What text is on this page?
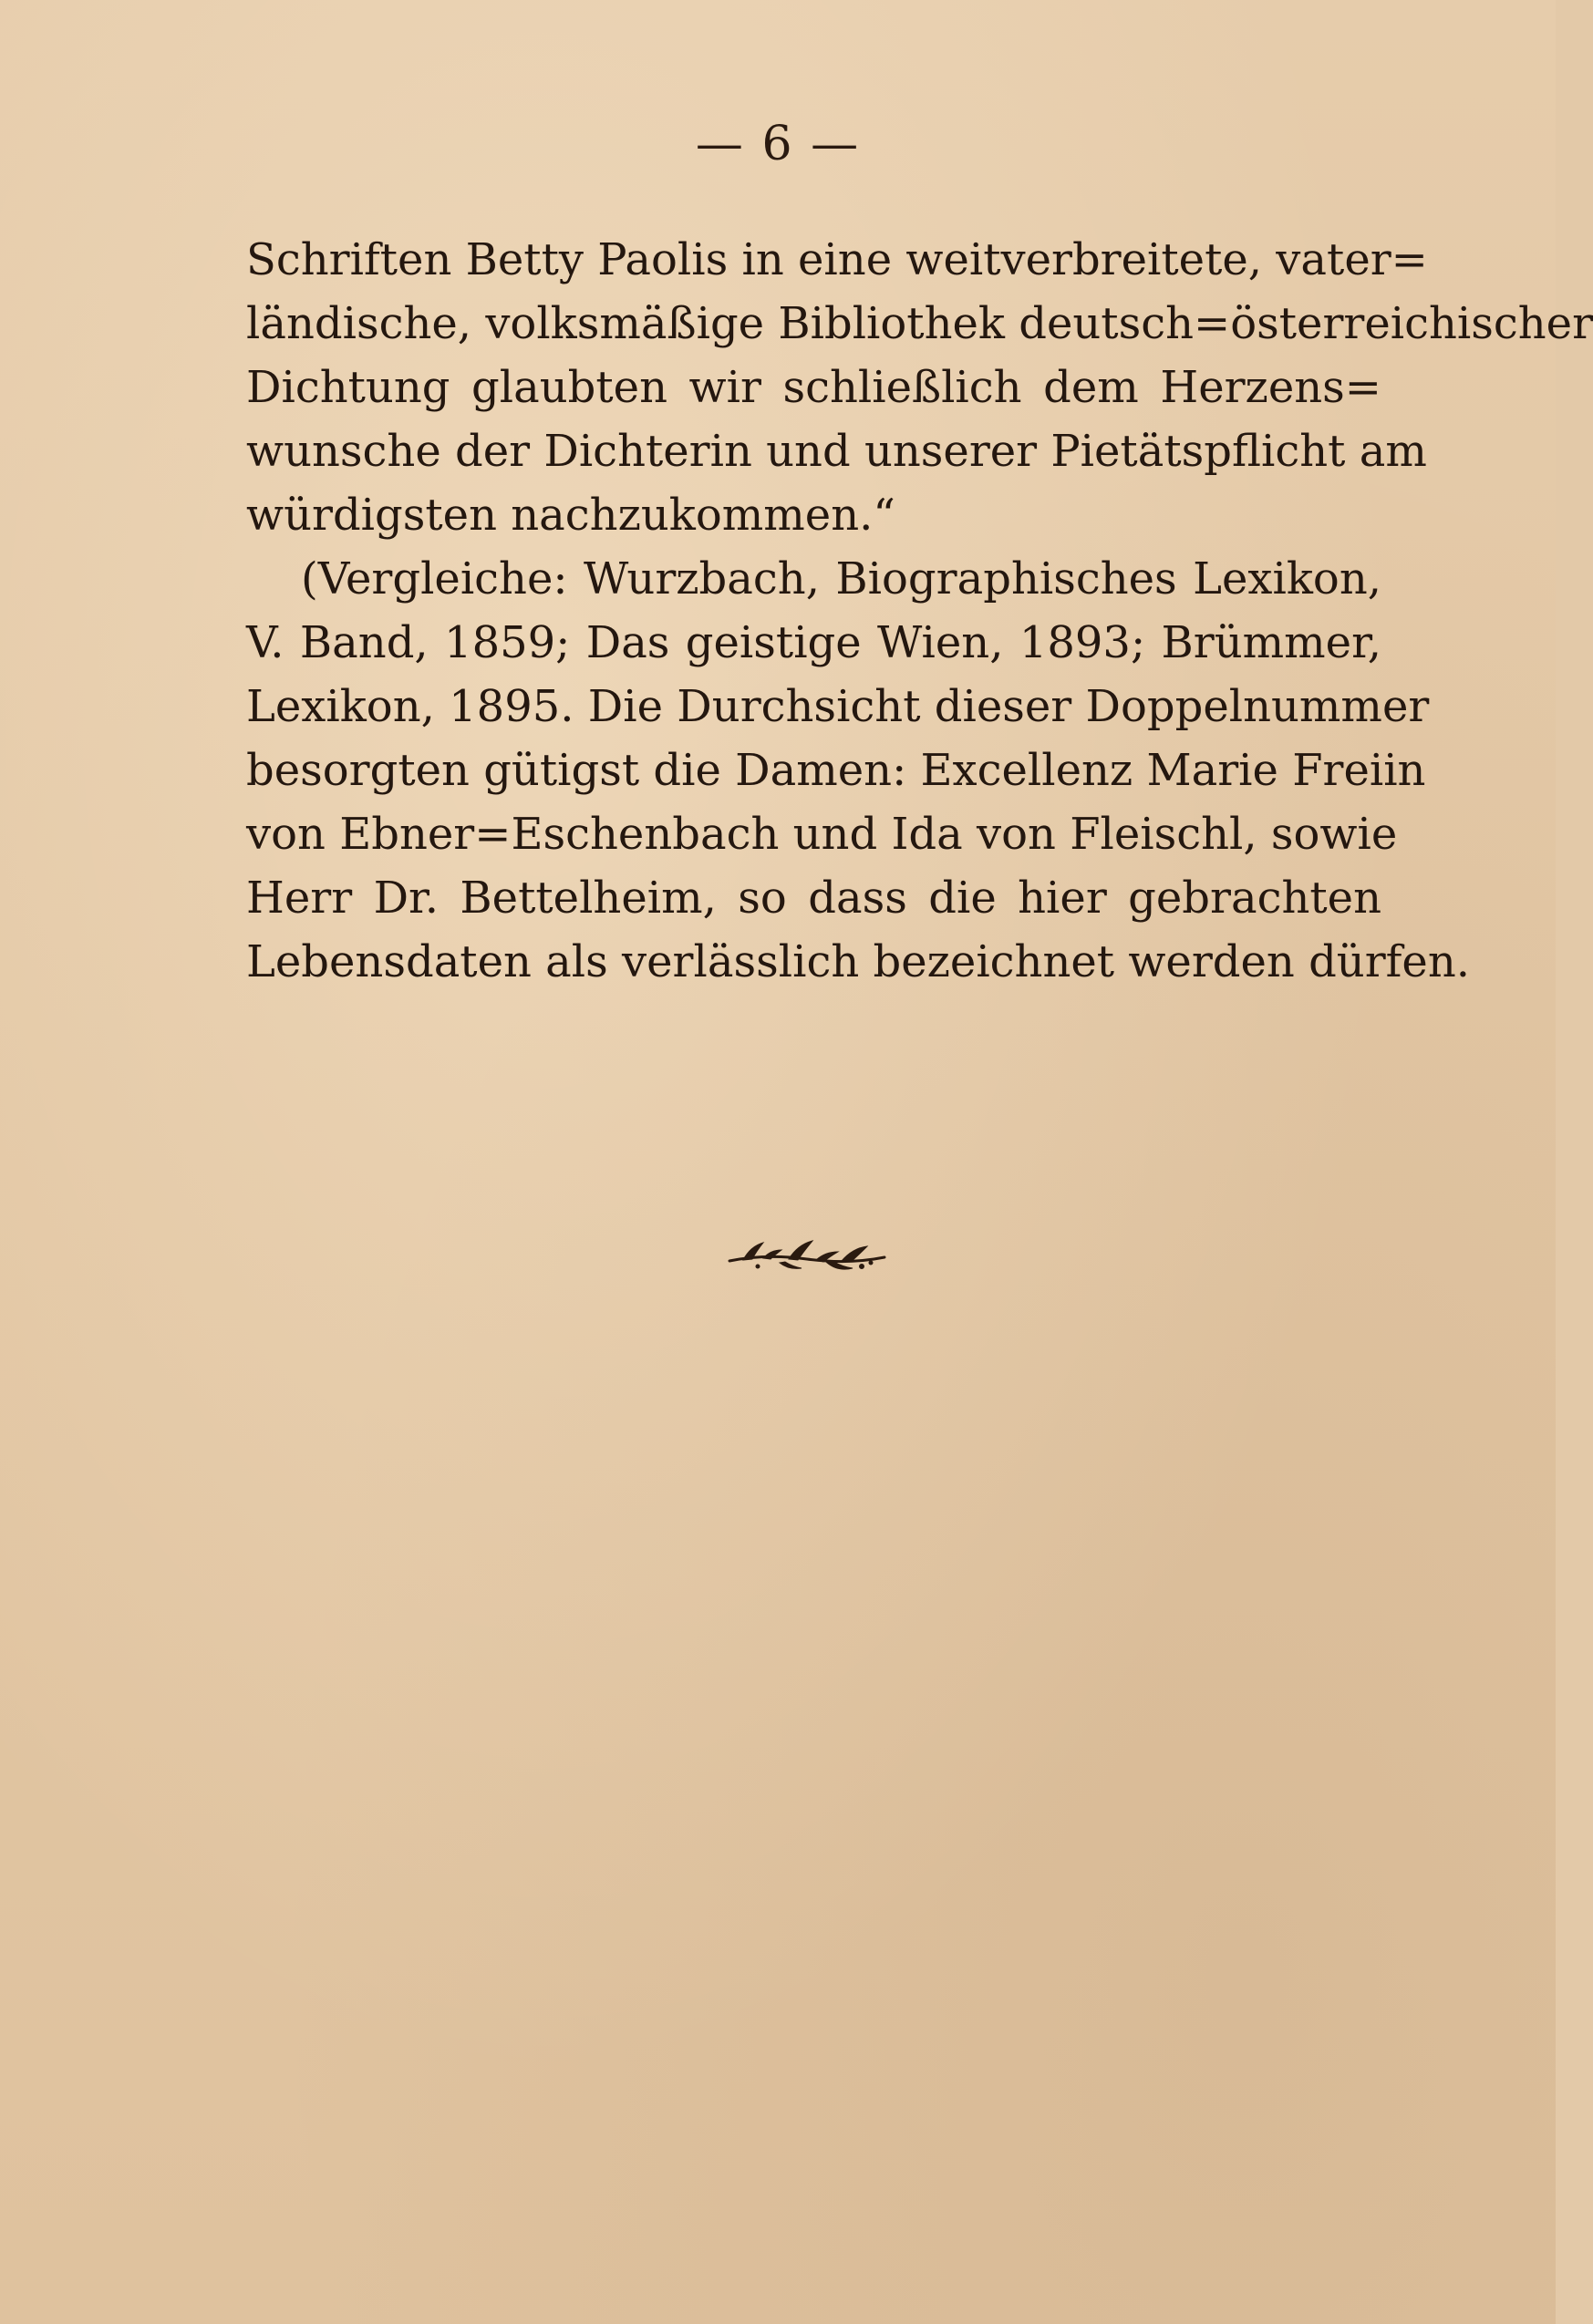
— 6 —
Schriften Betty Paolis in eine weitverbreitete, vater=
ländische, volksmäßige Bibliothek deutsch=österreichischer
Dichtung glaubten wir schließlich dem Herzens=
wunsche der Dichterin und unserer Pietätspflicht am
würdigsten nachzukommen.“
(Vergleiche: Wurzbach, Biographisches Lexikon,
V. Band, 1859; Das geistige Wien, 1893; Brümmer,
Lexikon, 1895. Die Durchsicht dieser Doppelnummer
besorgten gütigst die Damen: Excellenz Marie Freiin
von Ebner=Eschenbach und Ida von Fleischl, sowie
Herr Dr. Bettelheim, so dass die hier gebrachten
Lebensdaten als verlässlich bezeichnet werden dürfen.
